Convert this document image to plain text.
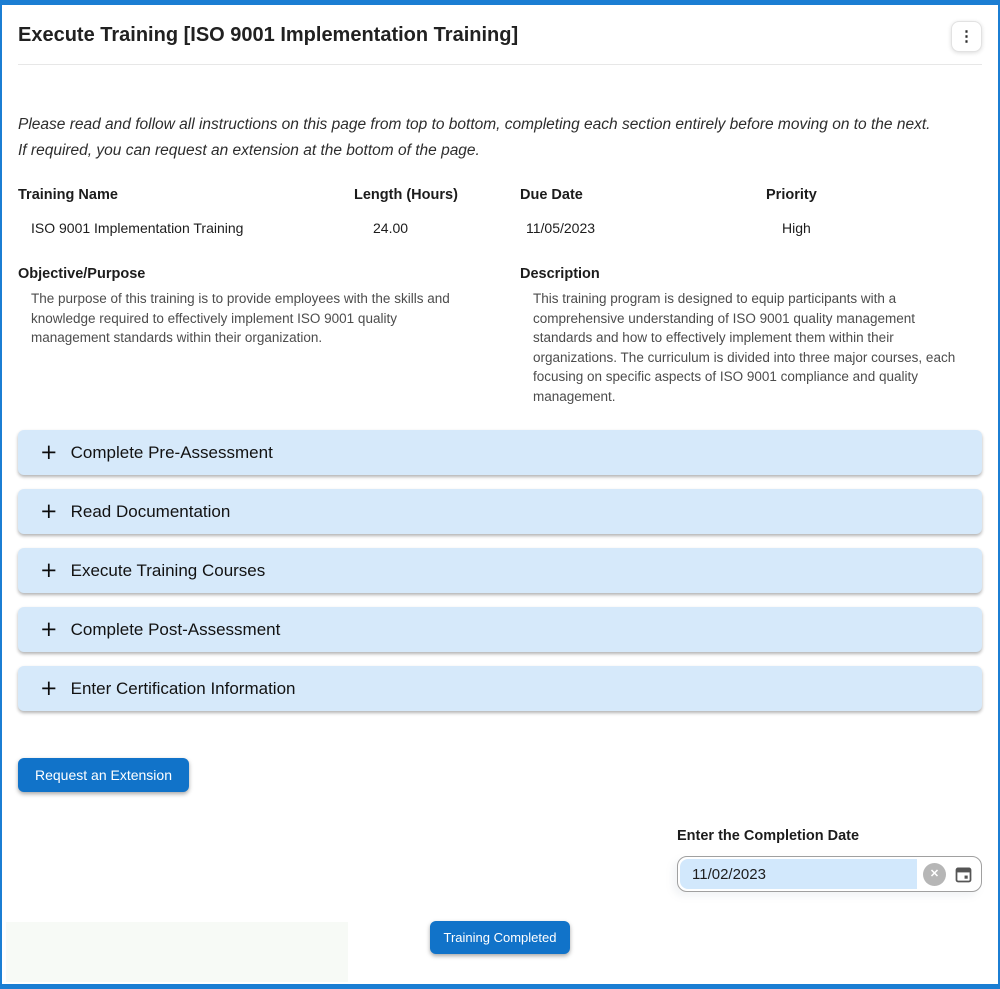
Execute Training [ISO 9001 Implementation Training]	⋮
Please read and follow all instructions on this page from top to bottom, completing each section entirely before moving on to the next.
If required, you can request an extension at the bottom of the page.
Training Name	Length (Hours)	Due Date	Priority
ISO 9001 Implementation Training	24.00	11/05/2023	High
Objective/Purpose
The purpose of this training is to provide employees with the skills and knowledge required to effectively implement ISO 9001 quality management standards within their organization.
Description
This training program is designed to equip participants with a comprehensive understanding of ISO 9001 quality management standards and how to effectively implement them within their organizations. The curriculum is divided into three major courses, each focusing on specific aspects of ISO 9001 compliance and quality management.
+ Complete Pre-Assessment
+ Read Documentation
+ Execute Training Courses
+ Complete Post-Assessment
+ Enter Certification Information
Request an Extension
Enter the Completion Date
11/02/2023	✕
Training Completed
